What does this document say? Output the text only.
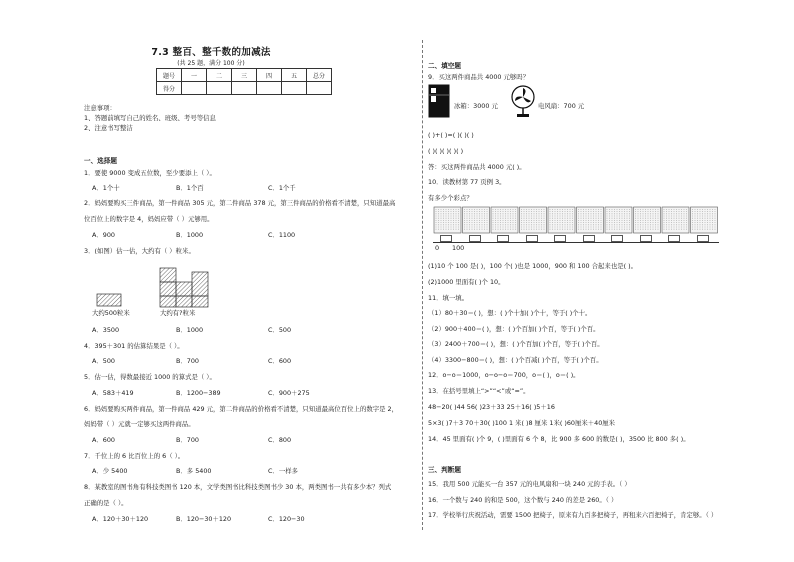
7.3 整百、整千数的加减法
(共 25 题，满分 100 分)
题号	一	二	三	四	五	总分
得分						
注意事项：
1、答题前填写自己的姓名、班级、考号等信息
2、注意书写整洁
一、选择题
1．要使 9000 变成五位数，至少要添上（ ）。
A．1个十	B．1个百	C．1个千
2．妈妈要购买三件商品，第一件商品 305 元，第二件商品 378 元，第三件商品的价格看不清楚，只知道最高
位百位上的数字是 4，妈妈应带（ ）元够用。
A．900	B．1000	C．1100
3．(如图）估一估，大约有（ ）粒米。
大约500粒米	大约有?粒米
A．3500	B．1000	C．500
4．395＋301 的估算结果是（ ）。
A．500	B．700	C．600
5．估一估，得数最接近 1000 的算式是（ ）。
A．583＋419	B．1200−389	C．900＋275
6．妈妈要购买两件商品，第一件商品 429 元，第二件商品的价格看不清楚，只知道最高位百位上的数字是 2，
妈妈带（ ）元就一定够买这两件商品。
A．600	B．700	C．800
7．千位上的 6 比百位上的 6（ ）。
A．少 5400	B．多 5400	C．一样多
8．某教室的图书角有科技类图书 120 本，文学类图书比科技类图书少 30 本，两类图书一共有多少本？列式
正确的是（ ）。
A．120＋30＋120	B．120−30＋120	C．120−30
二、填空题
9．买这两件商品共 4000 元够吗？
冰箱：3000 元	电风扇：700 元
( )+( )=( )( )( )
( )( )( )( )( )
答：买这两件商品共 4000 元( )。
10．读教材第 77 页例 3。
有多少个彩点？
0 100
(1)10 个 100 是( )，100 个( )也是 1000，900 和 100 合起来也是( )。
(2)1000 里面有( )个 10。
11．填一填。
（1）80＋30＝( )，想：( )个十加( )个十，等于( )个十。
（2）900＋400＝( )，想：( )个百加( )个百，等于( )个百。
（3）2400＋700＝( )，想：( )个百加( )个百，等于( )个百。
（4）3300−800＝( )，想：( )个百减( )个百，等于( )个百。
12．o−o＝1000，o−o−o＝700，o＝( )，o＝( )。
13．在括号里填上“>”“<”或“=”。
48−20( )44 56( )23＋33 25＋16( )5＋16
5×3( )7＋3 70＋30( )100 1 米( )8 厘米 1米( )60厘米＋40厘米
14．45 里面有( )个 9，( )里面有 6 个 8，比 900 多 600 的数是( )，3500 比 800 多( )。
三、判断题
15．我用 500 元能买一台 357 元的电风扇和一块 240 元的手表。（ ）
16．一个数与 240 的和是 500，这个数与 240 的差是 260。（ ）
17．学校举行庆祝活动，需要 1500 把椅子，原来有九百多把椅子，再租来六百把椅子，肯定够。（ ）
